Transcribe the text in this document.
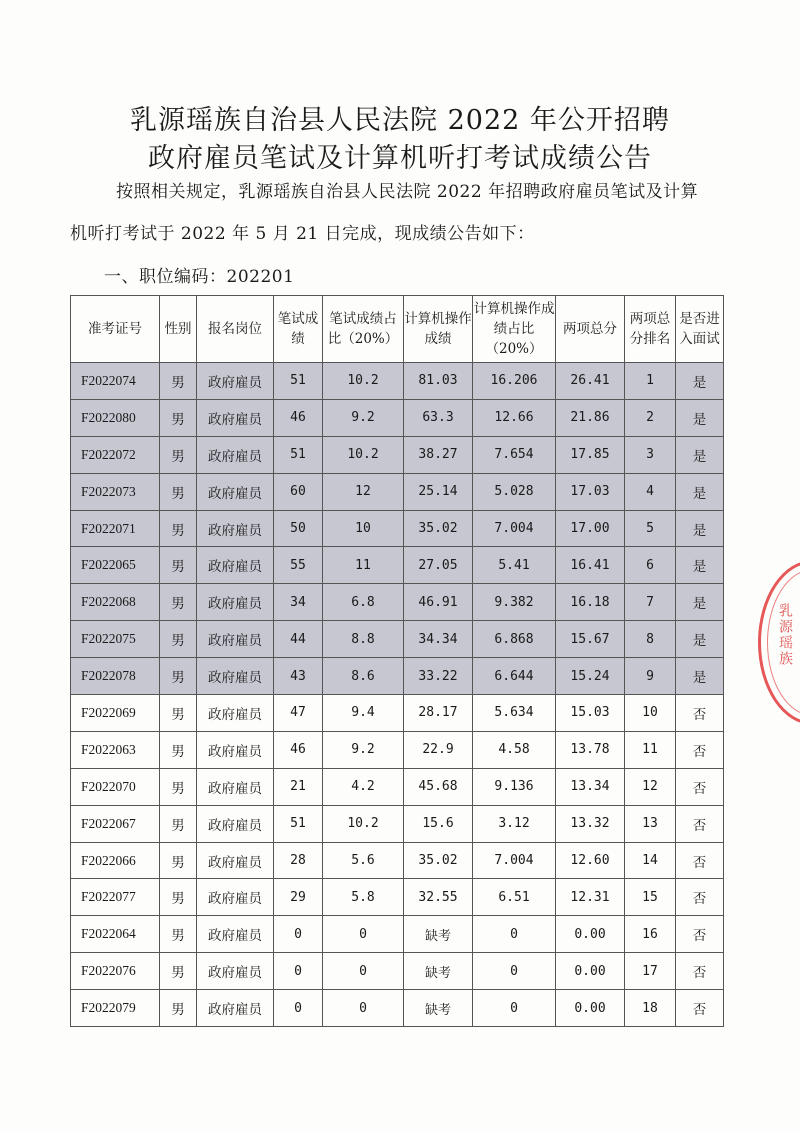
乳源瑶族自治县人民法院 2022 年公开招聘
政府雇员笔试及计算机听打考试成绩公告
按照相关规定，乳源瑶族自治县人民法院 2022 年招聘政府雇员笔试及计算
机听打考试于 2022 年 5 月 21 日完成，现成绩公告如下：
一、职位编码：202201
准考证号	性别	报名岗位	笔试成绩	笔试成绩占比（20%）	计算机操作成绩	计算机操作成绩占比（20%）	两项总分	两项总分排名	是否进入面试
F2022074	男	政府雇员	51	10.2	81.03	16.206	26.41	1	是
F2022080	男	政府雇员	46	9.2	63.3	12.66	21.86	2	是
F2022072	男	政府雇员	51	10.2	38.27	7.654	17.85	3	是
F2022073	男	政府雇员	60	12	25.14	5.028	17.03	4	是
F2022071	男	政府雇员	50	10	35.02	7.004	17.00	5	是
F2022065	男	政府雇员	55	11	27.05	5.41	16.41	6	是
F2022068	男	政府雇员	34	6.8	46.91	9.382	16.18	7	是
F2022075	男	政府雇员	44	8.8	34.34	6.868	15.67	8	是
F2022078	男	政府雇员	43	8.6	33.22	6.644	15.24	9	是
F2022069	男	政府雇员	47	9.4	28.17	5.634	15.03	10	否
F2022063	男	政府雇员	46	9.2	22.9	4.58	13.78	11	否
F2022070	男	政府雇员	21	4.2	45.68	9.136	13.34	12	否
F2022067	男	政府雇员	51	10.2	15.6	3.12	13.32	13	否
F2022066	男	政府雇员	28	5.6	35.02	7.004	12.60	14	否
F2022077	男	政府雇员	29	5.8	32.55	6.51	12.31	15	否
F2022064	男	政府雇员	0	0	缺考	0	0.00	16	否
F2022076	男	政府雇员	0	0	缺考	0	0.00	17	否
F2022079	男	政府雇员	0	0	缺考	0	0.00	18	否
乳源瑶族
